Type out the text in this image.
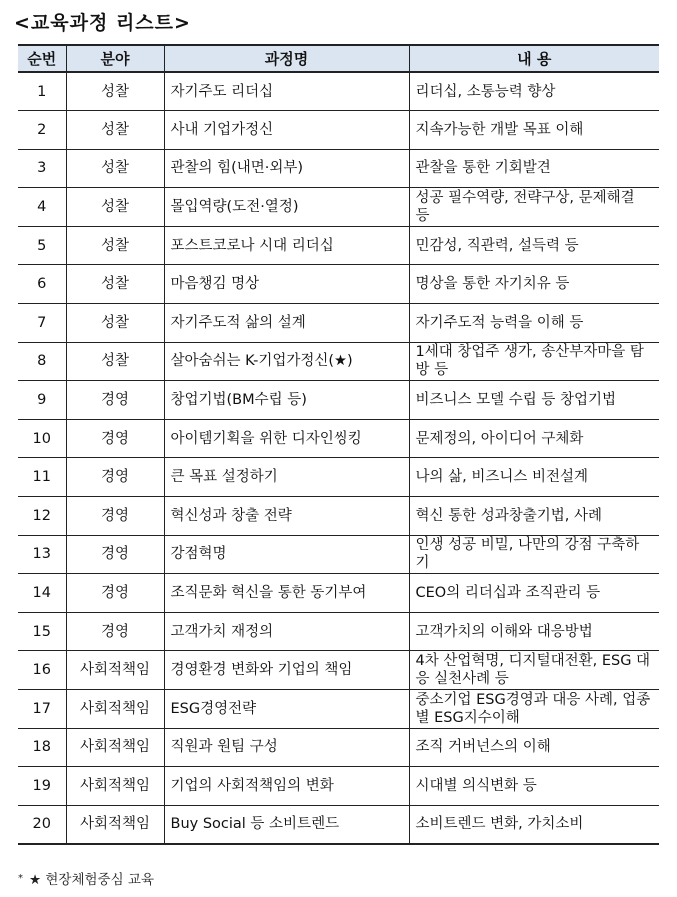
<교육과정 리스트>
순번	분야	과정명	내 용
1	성찰	자기주도 리더십	리더십, 소통능력 향상
2	성찰	사내 기업가정신	지속가능한 개발 목표 이해
3	성찰	관찰의 힘(내면·외부)	관찰을 통한 기회발견
4	성찰	몰입역량(도전·열정)	성공 필수역량, 전략구상, 문제해결 등
5	성찰	포스트코로나 시대 리더십	민감성, 직관력, 설득력 등
6	성찰	마음챙김 명상	명상을 통한 자기치유 등
7	성찰	자기주도적 삶의 설계	자기주도적 능력을 이해 등
8	성찰	살아숨쉬는 K-기업가정신(★)	1세대 창업주 생가, 송산부자마을 탐방 등
9	경영	창업기법(BM수립 등)	비즈니스 모델 수립 등 창업기법
10	경영	아이템기획을 위한 디자인씽킹	문제정의, 아이디어 구체화
11	경영	큰 목표 설정하기	나의 삶, 비즈니스 비전설계
12	경영	혁신성과 창출 전략	혁신 통한 성과창출기법, 사례
13	경영	강점혁명	인생 성공 비밀, 나만의 강점 구축하기
14	경영	조직문화 혁신을 통한 동기부여	CEO의 리더십과 조직관리 등
15	경영	고객가치 재정의	고객가치의 이해와 대응방법
16	사회적책임	경영환경 변화와 기업의 책임	4차 산업혁명, 디지털대전환, ESG 대응 실천사례 등
17	사회적책임	ESG경영전략	중소기업 ESG경영과 대응 사례, 업종별 ESG지수이해
18	사회적책임	직원과 원팀 구성	조직 거버넌스의 이해
19	사회적책임	기업의 사회적책임의 변화	시대별 의식변화 등
20	사회적책임	Buy Social 등 소비트렌드	소비트렌드 변화, 가치소비
* ★ 현장체험중심 교육
